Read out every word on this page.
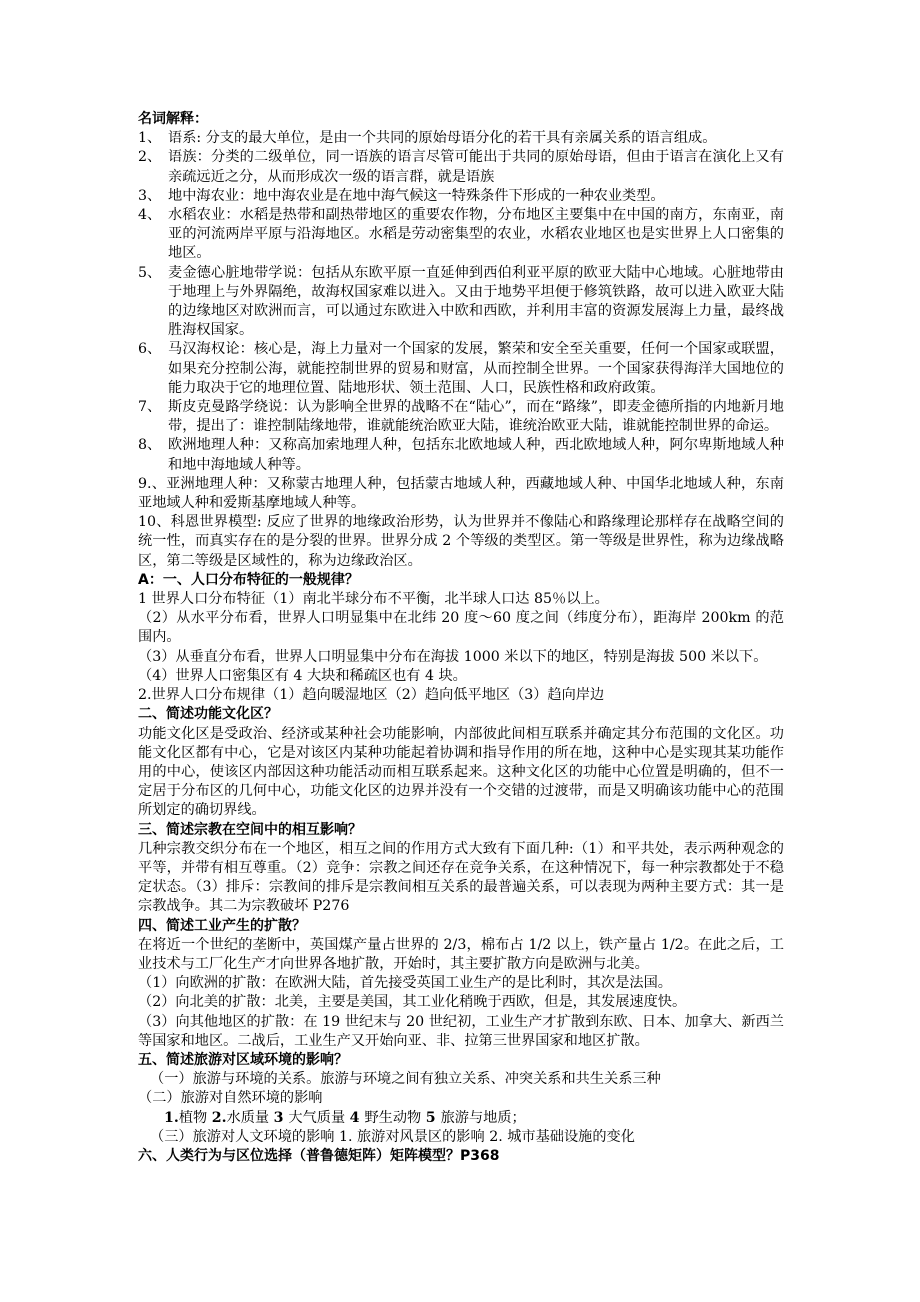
名词解释：
1、 语系: 分支的最大单位，是由一个共同的原始母语分化的若干具有亲属关系的语言组成。
2、 语族：分类的二级单位，同一语族的语言尽管可能出于共同的原始母语，但由于语言在演化上又有亲疏远近之分，从而形成次一级的语言群，就是语族
3、 地中海农业：地中海农业是在地中海气候这一特殊条件下形成的一种农业类型。
4、 水稻农业：水稻是热带和副热带地区的重要农作物，分布地区主要集中在中国的南方，东南亚，南亚的河流两岸平原与沿海地区。水稻是劳动密集型的农业，水稻农业地区也是实世界上人口密集的地区。
5、 麦金德心脏地带学说：包括从东欧平原一直延伸到西伯利亚平原的欧亚大陆中心地域。心脏地带由于地理上与外界隔绝，故海权国家难以进入。又由于地势平坦便于修筑铁路，故可以进入欧亚大陆的边缘地区对欧洲而言，可以通过东欧进入中欧和西欧，并利用丰富的资源发展海上力量，最终战胜海权国家。
6、 马汉海权论：核心是，海上力量对一个国家的发展，繁荣和安全至关重要，任何一个国家或联盟，如果充分控制公海，就能控制世界的贸易和财富，从而控制全世界。一个国家获得海洋大国地位的能力取决于它的地理位置、陆地形状、领土范围、人口，民族性格和政府政策。
7、 斯皮克曼路学绕说：认为影响全世界的战略不在“陆心”，而在“路缘”，即麦金德所指的内地新月地带，提出了：谁控制陆缘地带，谁就能统治欧亚大陆，谁统治欧亚大陆，谁就能控制世界的命运。
8、 欧洲地理人种：又称高加索地理人种，包括东北欧地域人种，西北欧地域人种，阿尔卑斯地域人种和地中海地域人种等。

9.、亚洲地理人种：又称蒙古地理人种，包括蒙古地域人种，西藏地域人种、中国华北地域人种，东南亚地域人种和爱斯基摩地域人种等。

10、科恩世界模型: 反应了世界的地缘政治形势，认为世界并不像陆心和路缘理论那样存在战略空间的统一性，而真实存在的是分裂的世界。世界分成 2 个等级的类型区。第一等级是世界性，称为边缘战略区，第二等级是区域性的，称为边缘政治区。

A：一、人口分布特征的一般规律？

1 世界人口分布特征（1）南北半球分布不平衡，北半球人口达 85％以上。

（2）从水平分布看，世界人口明显集中在北纬 20 度～60 度之间（纬度分布），距海岸 200km 的范围内。

（3）从垂直分布看，世界人口明显集中分布在海拔 1000 米以下的地区，特别是海拔 500 米以下。

（4）世界人口密集区有 4 大块和稀疏区也有 4 块。

2.世界人口分布规律（1）趋向暖湿地区（2）趋向低平地区（3）趋向岸边

二、简述功能文化区？

功能文化区是受政治、经济或某种社会功能影响，内部彼此间相互联系并确定其分布范围的文化区。功能文化区都有中心，它是对该区内某种功能起着协调和指导作用的所在地，这种中心是实现其某功能作用的中心，使该区内部因这种功能活动而相互联系起来。这种文化区的功能中心位置是明确的，但不一定居于分布区的几何中心，功能文化区的边界并没有一个交错的过渡带，而是又明确该功能中心的范围所划定的确切界线。

三、简述宗教在空间中的相互影响？

几种宗教交织分布在一个地区，相互之间的作用方式大致有下面几种:（1）和平共处，表示两种观念的平等，并带有相互尊重。（2）竞争：宗教之间还存在竞争关系，在这种情况下，每一种宗教都处于不稳定状态。（3）排斥：宗教间的排斥是宗教间相互关系的最普遍关系，可以表现为两种主要方式：其一是宗教战争。其二为宗教破坏 P276

四、简述工业产生的扩散？

在将近一个世纪的垄断中，英国煤产量占世界的 2/3，棉布占 1/2 以上，铁产量占 1/2。在此之后，工业技术与工厂化生产才向世界各地扩散，开始时，其主要扩散方向是欧洲与北美。

（1）向欧洲的扩散：在欧洲大陆，首先接受英国工业生产的是比利时，其次是法国。

（2）向北美的扩散：北美，主要是美国，其工业化稍晚于西欧，但是，其发展速度快。

（3）向其他地区的扩散：在 19 世纪末与 20 世纪初，工业生产才扩散到东欧、日本、加拿大、新西兰等国家和地区。二战后，工业生产又开始向亚、非、拉第三世界国家和地区扩散。

五、简述旅游对区域环境的影响？

（一）旅游与环境的关系。旅游与环境之间有独立关系、冲突关系和共生关系三种

（二）旅游对自然环境的影响

1.植物 2.水质量 3 大气质量 4 野生动物 5 旅游与地质；

（三）旅游对人文环境的影响 1. 旅游对风景区的影响 2. 城市基础设施的变化

六、人类行为与区位选择（普鲁德矩阵）矩阵模型？P368
